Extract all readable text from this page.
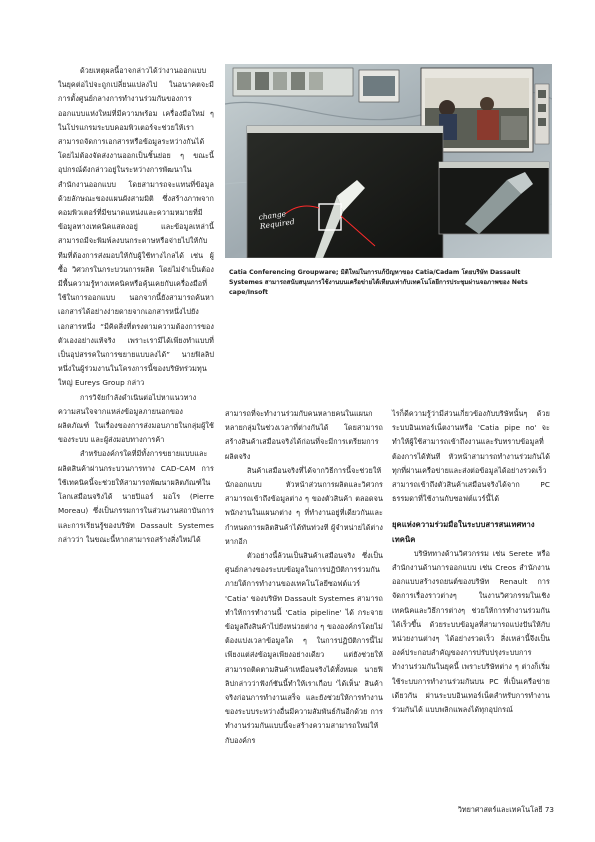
ด้วยเหตุผลนี้อาจกล่าวได้ว่างานออกแบบในยุคต่อไปจะถูกเปลี่ยนแปลงไป ในอนาคตจะมีการตั้งศูนย์กลางการทำงานร่วมกันของการออกแบบแห่งใหม่ที่มีความพร้อม เครื่องมือใหม่ ๆ ในโปรแกรมระบบคอมพิวเตอร์จะช่วยให้เราสามารถจัดการเอกสารหรือข้อมูลระหว่างกันได้โดยไม่ต้องจัดส่งงานออกเป็นชิ้นย่อย ๆ ขณะนี้อุปกรณ์ดังกล่าวอยู่ในระหว่างการพัฒนาในสำนักงานออกแบบ โดยสามารถจะแทนที่ข้อมูลด้วยลักษณะของแผนผังสามมิติ ซึ่งสร้างภาพจากคอมพิวเตอร์ที่มีขนาดแหน่งและความหมายที่มีข้อมูลทางเทคนิคแสดงอยู่ และข้อมูลเหล่านี้สามารถมีจะพิมพ์ลงบนกระดาษหรือจ่ายไปให้กับทีมที่ต้องการส่งมอบให้กับผู้ใช้ทางไกลได้ เช่น ผู้ซื้อ วิศวกรในกระบวนการผลิต โดยไม่จำเป็นต้องมีพื้นความรู้ทางเทคนิคหรือคุ้นเคยกับเครื่องมือที่ใช้ในการออกแบบ นอกจากนี้ยังสามารถค้นหาเอกสารได้อย่างง่ายดายจากเอกสารหนึ่งไปยังเอกสารหนึ่ง “มีคิดสิ่งที่ตรงตามความต้องการของตัวเองอย่างแท้จริง เพราะเรามีได้เพียงทำแบบที่เป็นอุปสรรคในการขยายแบบลงได้” นายฟิลลิป หนึ่งในผู้ร่วมงานในโครงการนี้ของบริษัทร่วมทุนใหญ่ Eureys Group กล่าว

การวิจัยกำลังดำเนินต่อไปหาแนวทางความสนใจจากแหล่งข้อมูลภายนอกของผลิตภัณฑ์ ในเรื่องของการส่งมอบภายในกลุ่มผู้ใช้ของระบบ และผู้ส่งมอบทางการค้า

สำหรับองค์กรใดที่มีทั้งการขยายแบบและผลิตสินค้าผ่านกระบวนการทาง CAD-CAM การใช้เทคนิคนี้จะช่วยให้สามารถพัฒนาผลิตภัณฑ์ในโลกเสมือนจริงได้ นายปิแอร์ มอโร (Pierre Moreau) ซึ่งเป็นกรรมการในส่วนงานสถาบันการและการเรียนรู้ของบริษัท Dassault Systemes กล่าวว่า ในขณะนี้หากสามารถสร้างสิ่งใหม่ได้

change Required
Catia Conferencing Groupware; มิติใหม่ในการแก้ปัญหาของ Catia/Cadam โดยบริษัท Dassault Systemes สามารถสนับสนุนการใช้งานบนเครือข่ายได้เทียบเท่ากับเทคโนโลยีการประชุมผ่านจอภาพของ Nets cape/Insoft

สามารถที่จะทำงานร่วมกับคนหลายคนในแผนกหลายกลุ่มในช่วงเวลาที่ต่างกันได้ โดยสามารถสร้างสินค้าเสมือนจริงได้ก่อนที่จะมีการเตรียมการผลิตจริง

สินค้าเสมือนจริงที่ได้จากวิธีการนี้จะช่วยให้นักออกแบบ หัวหน้าส่วนการผลิตและวิศวกร สามารถเข้าถึงข้อมูลต่าง ๆ ของตัวสินค้า ตลอดจนพนักงานในแผนกต่าง ๆ ที่ทำงานอยู่ที่เดียวกันและกำหนดการผลิตสินค้าได้ทันท่วงที ผู้จำหน่ายได้ต่างหากอีก

ตัวอย่างนี้ล้วนเป็นสินค้าเสมือนจริง ซึ่งเป็นศูนย์กลางของระบบข้อมูลในการปฏิบัติการร่วมกัน ภายใต้การทำงานของเทคโนโลยีซอฟต์แวร์ 'Catia' ของบริษัท Dassault Systemes สามารถทำให้การทำงานนี้ 'Catia pipeline' ได้ กระจายข้อมูลถึงสินค้าไปยังหน่วยต่าง ๆ ขององค์กรโดยไม่ต้องแบ่งเวลาข้อมูลใด ๆ ในการปฏิบัติการนี้ไม่เพียงแต่ส่งข้อมูลเพียงอย่างเดียว แต่ยังช่วยให้สามารถติดตามสินค้าเหมือนจริงได้ทั้งหมด นายฟิลิปกล่าวว่าฟังก์ชันนี้ทำให้เราเกือบ 'ได้เห็น' สินค้าจริงก่อนการทำงานเสร็จ และยังช่วยให้การทำงานของระบบระหว่างอื่นมีความสัมพันธ์กันอีกด้วย การทำงานร่วมกันแบบนี้จะสร้างความสามารถใหม่ให้กับองค์กร

ไรก็ดีความรู้ว่ามีส่วนเกี่ยวข้องกับบริษัทนั้นๆ ด้วยระบบอินเทอร์เน็ตงานหรือ 'Catia pipe no' จะทำให้ผู้ใช้สามารถเข้าถึงงานและรับทราบข้อมูลที่ต้องการได้ทันที หัวหน้าสามารถทำงานร่วมกันได้ทุกที่ผ่านเครือข่ายและส่งต่อข้อมูลได้อย่างรวดเร็ว สามารถเข้าถึงตัวสินค้าเสมือนจริงได้จาก PC ธรรมดาที่ใช้งานกับซอฟต์แวร์นี้ได้

ยุคแห่งความร่วมมือในระบบสารสนเทศทางเทคนิค

บริษัททางด้านวิศวกรรม เช่น Serete หรือสำนักงานด้านการออกแบบ เช่น Creos สำนักงานออกแบบสร้างรถยนต์ของบริษัท Renault การจัดการเรื่องราวต่างๆ ในงานวิศวกรรมในเชิงเทคนิคและวิธีการต่างๆ ช่วยให้การทำงานร่วมกันได้เร็วขึ้น ด้วยระบบข้อมูลที่สามารถแบ่งปันให้กับหน่วยงานต่างๆ ได้อย่างรวดเร็ว สิ่งเหล่านี้จึงเป็นองค์ประกอบสำคัญของการปรับปรุงระบบการทำงานร่วมกันในยุคนี้ เพราะบริษัทต่าง ๆ ต่างก็เริ่มใช้ระบบการทำงานร่วมกันบน PC ที่เป็นเครือข่ายเดียวกัน ผ่านระบบอินเทอร์เน็ตสำหรับการทำงานร่วมกันได้ แบบพลิกแพลงได้ทุกอุปกรณ์

วิทยาศาสตร์และเทคโนโลยี 73
